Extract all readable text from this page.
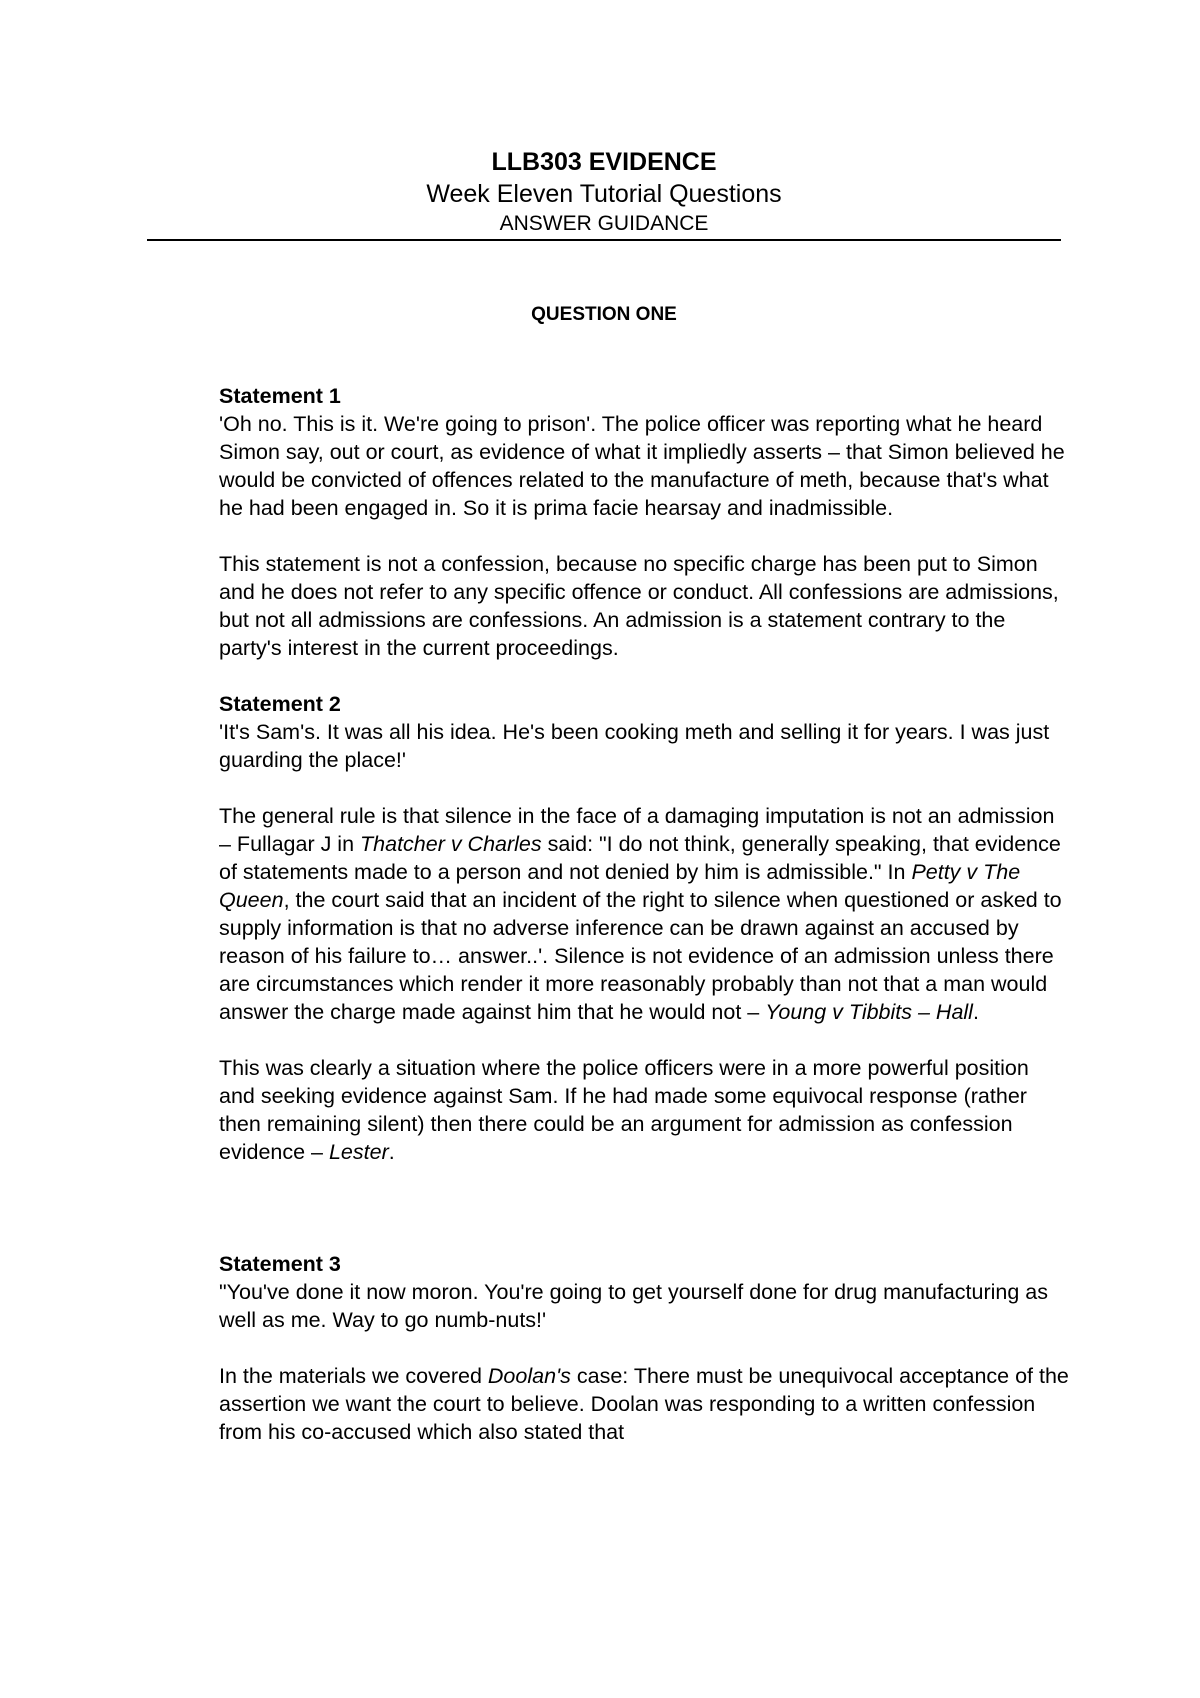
LLB303 EVIDENCE

Week Eleven Tutorial Questions

ANSWER GUIDANCE

QUESTION ONE

Statement 1

'Oh no. This is it. We're going to prison'. The police officer was reporting what he heard Simon say, out or court, as evidence of what it impliedly asserts – that Simon believed he would be convicted of offences related to the manufacture of meth, because that's what he had been engaged in. So it is prima facie hearsay and inadmissible.

This statement is not a confession, because no specific charge has been put to Simon and he does not refer to any specific offence or conduct. All confessions are admissions, but not all admissions are confessions. An admission is a statement contrary to the party's interest in the current proceedings.

Statement 2

'It's Sam's. It was all his idea. He's been cooking meth and selling it for years. I was just guarding the place!'

The general rule is that silence in the face of a damaging imputation is not an admission – Fullagar J in Thatcher v Charles said: "I do not think, generally speaking, that evidence of statements made to a person and not denied by him is admissible." In Petty v The Queen, the court said that an incident of the right to silence when questioned or asked to supply information is that no adverse inference can be drawn against an accused by reason of his failure to… answer..'. Silence is not evidence of an admission unless there are circumstances which render it more reasonably probably than not that a man would answer the charge made against him that he would not – Young v Tibbits – Hall.

This was clearly a situation where the police officers were in a more powerful position and seeking evidence against Sam. If he had made some equivocal response (rather then remaining silent) then there could be an argument for admission as confession evidence – Lester.

Statement 3

"You've done it now moron. You're going to get yourself done for drug manufacturing as well as me. Way to go numb-nuts!'

In the materials we covered Doolan's case: There must be unequivocal acceptance of the assertion we want the court to believe. Doolan was responding to a written confession from his co-accused which also stated that
